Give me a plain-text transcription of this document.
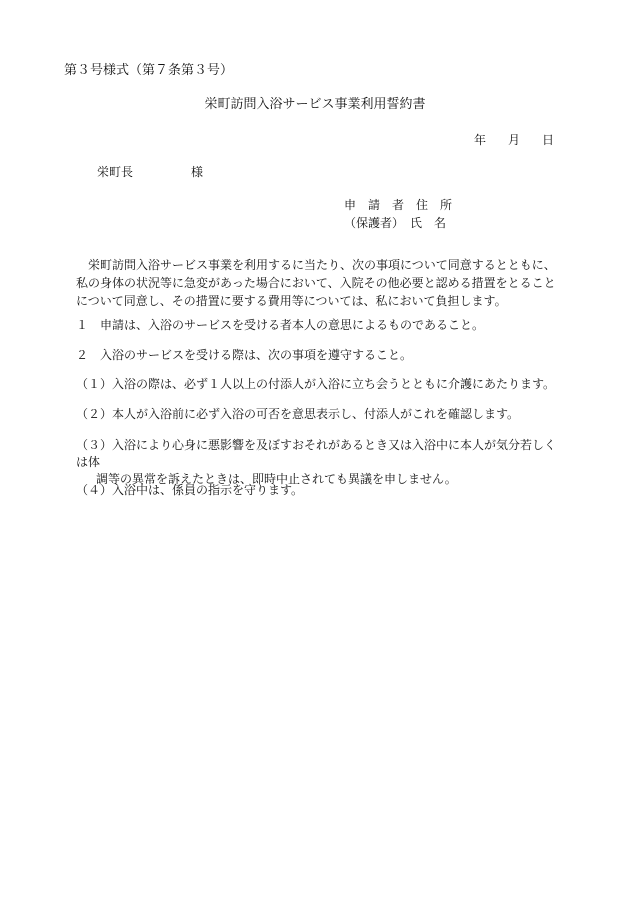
第３号様式（第７条第３号）
栄町訪問入浴サービス事業利用誓約書
年 月 日
栄町長	様
申　請　者　住　所
（保護者）　氏　名
栄町訪問入浴サービス事業を利用するに当たり、次の事項について同意するとともに、私の身体の状況等に急変があった場合において、入院その他必要と認める措置をとることについて同意し、その措置に要する費用等については、私において負担します。
１ 申請は、入浴のサービスを受ける者本人の意思によるものであること。
２ 入浴のサービスを受ける際は、次の事項を遵守すること。
（１）入浴の際は、必ず１人以上の付添人が入浴に立ち会うとともに介護にあたります。
（２）本人が入浴前に必ず入浴の可否を意思表示し、付添人がこれを確認します。
（３）入浴により心身に悪影響を及ぼすおそれがあるとき又は入浴中に本人が気分若しくは体
調等の異常を訴えたときは、即時中止されても異議を申しません。
（４）入浴中は、係員の指示を守ります。
